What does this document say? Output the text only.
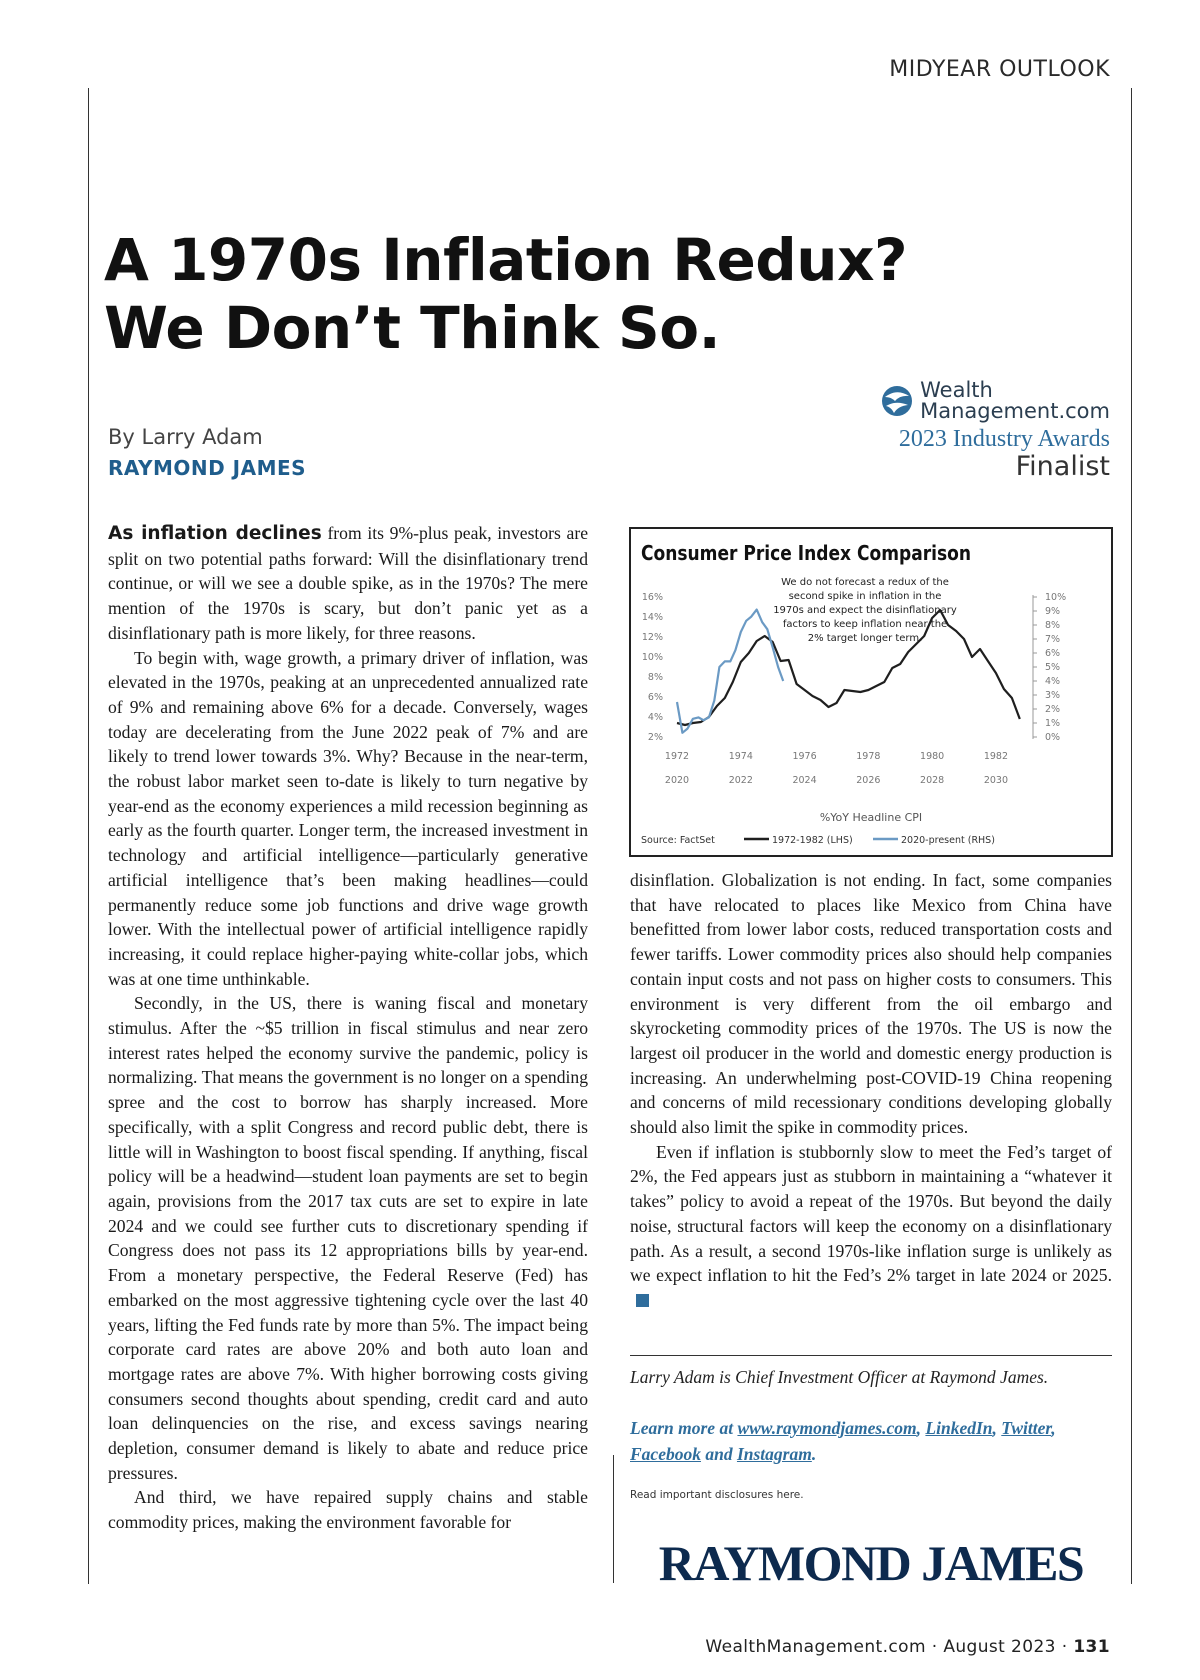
MIDYEAR OUTLOOK
A 1970s Inflation Redux?
We Don’t Think So.
By Larry Adam
RAYMOND JAMES
Wealth
Management.com
2023 Industry Awards
Finalist

As inflation declines from its 9%-plus peak, investors are split on two potential paths forward: Will the disinflationary trend continue, or will we see a double spike, as in the 1970s? The mere mention of the 1970s is scary, but don’t panic yet as a disinflationary path is more likely, for three reasons.

To begin with, wage growth, a primary driver of inflation, was elevated in the 1970s, peaking at an unprecedented annualized rate of 9% and remaining above 6% for a decade. Conversely, wages today are decelerating from the June 2022 peak of 7% and are likely to trend lower towards 3%. Why? Because in the near-term, the robust labor market seen to-date is likely to turn negative by year-end as the economy experiences a mild recession beginning as early as the fourth quarter. Longer term, the increased investment in technology and artificial intelligence—particularly generative artificial intelligence that’s been making headlines—could permanently reduce some job functions and drive wage growth lower. With the intellectual power of artificial intelligence rapidly increasing, it could replace higher-paying white-collar jobs, which was at one time unthinkable.

Secondly, in the US, there is waning fiscal and monetary stimulus. After the ~$5 trillion in fiscal stimulus and near zero interest rates helped the economy survive the pandemic, policy is normalizing. That means the government is no longer on a spending spree and the cost to borrow has sharply increased. More specifically, with a split Congress and record public debt, there is little will in Washington to boost fiscal spending. If anything, fiscal policy will be a headwind—student loan payments are set to begin again, provisions from the 2017 tax cuts are set to expire in late 2024 and we could see further cuts to discretionary spending if Congress does not pass its 12 appropriations bills by year-end. From a monetary perspective, the Federal Reserve (Fed) has embarked on the most aggressive tightening cycle over the last 40 years, lifting the Fed funds rate by more than 5%. The impact being corporate card rates are above 20% and both auto loan and mortgage rates are above 7%. With higher borrowing costs giving consumers second thoughts about spending, credit card and auto loan delinquencies on the rise, and excess savings nearing depletion, consumer demand is likely to abate and reduce price pressures.

And third, we have repaired supply chains and stable commodity prices, making the environment favorable for

Consumer Price Index Comparison
We do not forecast a redux of the
second spike in inflation in the
1970s and expect the disinflationary
factors to keep inflation near the
2% target longer term.
2%
4%
6%
8%
10%
12%
14%
16%
0%
1%
2%
3%
4%
5%
6%
7%
8%
9%
10%
1972	1974	1976	1978	1980	1982
2020	2022	2024	2026	2028	2030
%YoY Headline CPI
Source: FactSet	1972-1982 (LHS)	2020-present (RHS)

disinflation. Globalization is not ending. In fact, some companies that have relocated to places like Mexico from China have benefitted from lower labor costs, reduced transportation costs and fewer tariffs. Lower commodity prices also should help companies contain input costs and not pass on higher costs to consumers. This environment is very different from the oil embargo and skyrocketing commodity prices of the 1970s. The US is now the largest oil producer in the world and domestic energy production is increasing. An underwhelming post-COVID-19 China reopening and concerns of mild recessionary conditions developing globally should also limit the spike in commodity prices.

Even if inflation is stubbornly slow to meet the Fed’s target of 2%, the Fed appears just as stubborn in maintaining a “whatever it takes” policy to avoid a repeat of the 1970s. But beyond the daily noise, structural factors will keep the economy on a disinflationary path. As a result, a second 1970s-like inflation surge is unlikely as we expect inflation to hit the Fed’s 2% target in late 2024 or 2025.

Larry Adam is Chief Investment Officer at Raymond James.
Learn more at www.raymondjames.com, LinkedIn, Twitter,
Facebook and Instagram.
Read important disclosures here.
RAYMOND JAMES
WealthManagement.com · August 2023 · 131
